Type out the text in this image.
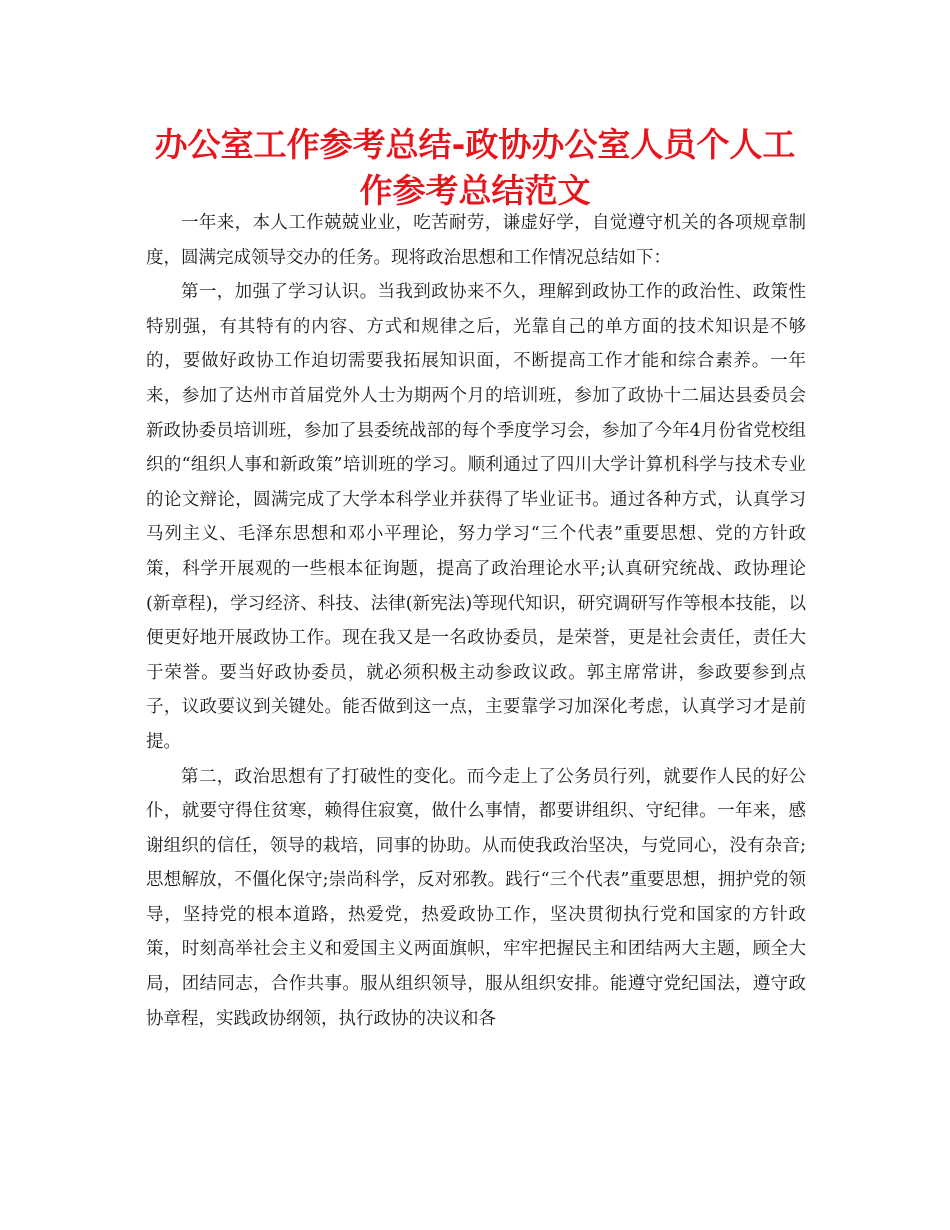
办公室工作参考总结-政协办公室人员个人工作参考总结范文

一年来，本人工作兢兢业业，吃苦耐劳，谦虚好学，自觉遵守机关的各项规章制度，圆满完成领导交办的任务。现将政治思想和工作情况总结如下：

第一，加强了学习认识。当我到政协来不久，理解到政协工作的政治性、政策性特别强，有其特有的内容、方式和规律之后，光靠自己的单方面的技术知识是不够的，要做好政协工作迫切需要我拓展知识面，不断提高工作才能和综合素养。一年来，参加了达州市首届党外人士为期两个月的培训班，参加了政协十二届达县委员会新政协委员培训班，参加了县委统战部的每个季度学习会，参加了今年4月份省党校组织的“组织人事和新政策”培训班的学习。顺利通过了四川大学计算机科学与技术专业的论文辩论，圆满完成了大学本科学业并获得了毕业证书。通过各种方式，认真学习马列主义、毛泽东思想和邓小平理论，努力学习“三个代表”重要思想、党的方针政策，科学开展观的一些根本征询题，提高了政治理论水平;认真研究统战、政协理论(新章程)，学习经济、科技、法律(新宪法)等现代知识，研究调研写作等根本技能，以便更好地开展政协工作。现在我又是一名政协委员，是荣誉，更是社会责任，责任大于荣誉。要当好政协委员，就必须积极主动参政议政。郭主席常讲，参政要参到点子，议政要议到关键处。能否做到这一点，主要靠学习加深化考虑，认真学习才是前提。

第二，政治思想有了打破性的变化。而今走上了公务员行列，就要作人民的好公仆，就要守得住贫寒，赖得住寂寞，做什么事情，都要讲组织、守纪律。一年来，感谢组织的信任，领导的栽培，同事的协助。从而使我政治坚决，与党同心，没有杂音;思想解放，不僵化保守;崇尚科学，反对邪教。践行“三个代表”重要思想，拥护党的领导，坚持党的根本道路，热爱党，热爱政协工作，坚决贯彻执行党和国家的方针政策，时刻高举社会主义和爱国主义两面旗帜，牢牢把握民主和团结两大主题，顾全大局，团结同志，合作共事。服从组织领导，服从组织安排。能遵守党纪国法，遵守政协章程，实践政协纲领，执行政协的决议和各
